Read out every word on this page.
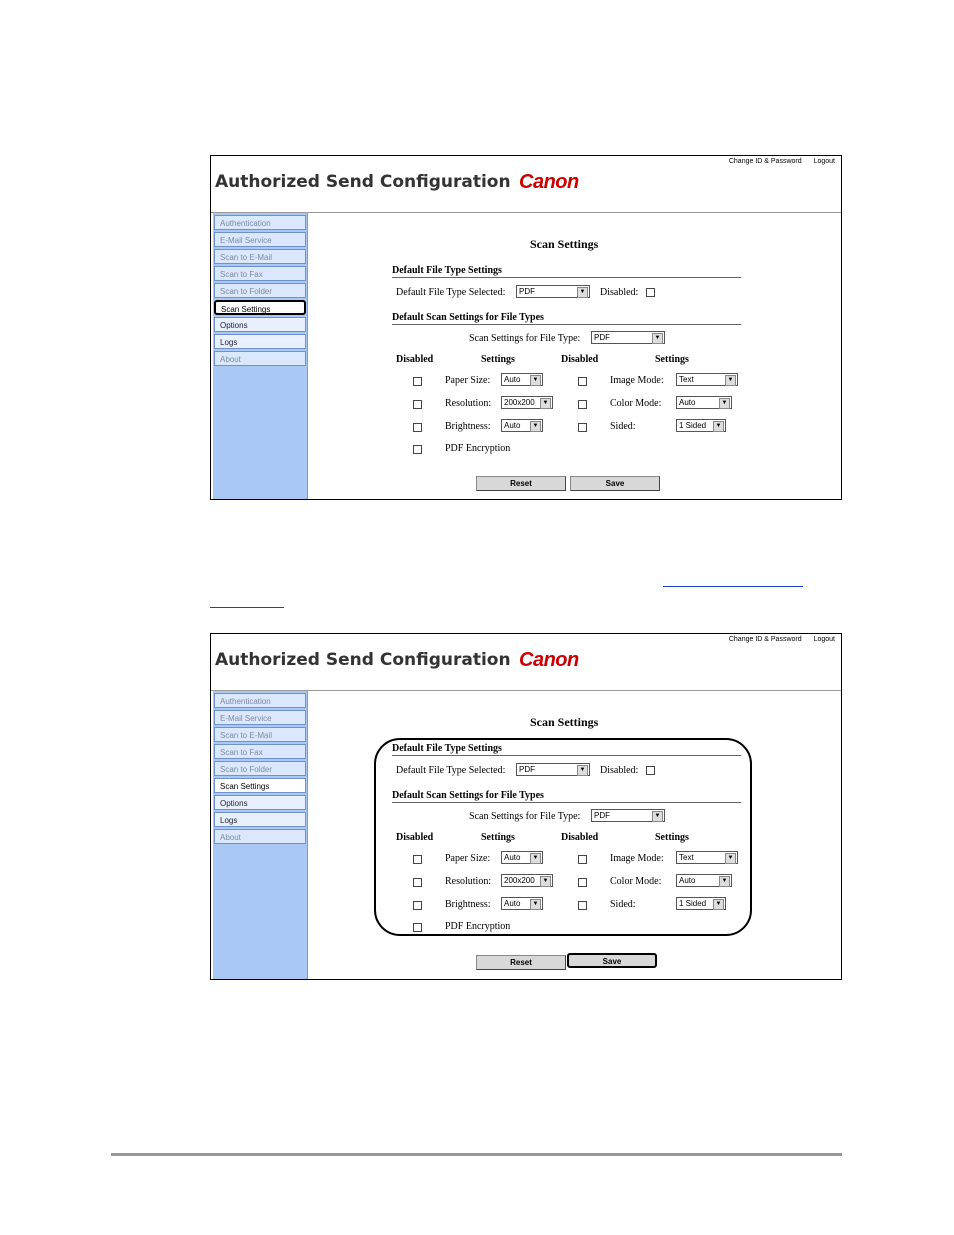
Change ID & Password Logout
Authorized Send Configuration Canon
Authentication
E-Mail Service
Scan to E-Mail
Scan to Fax
Scan to Folder
Scan Settings
Options
Logs
About
Scan Settings
Default File Type Settings
Default File Type Selected:	PDF	▼ Disabled:
Default Scan Settings for File Types
Scan Settings for File Type:	PDF	▼
Disabled	Settings	Disabled	Settings
Paper Size:	Auto	▼	Image Mode:	Text	▼
Resolution:	200x200	▼	Color Mode:	Auto	▼
Brightness:	Auto	▼	Sided:	1 Sided	▼
PDF Encryption
Reset	Save
Change ID & Password Logout
Authorized Send Configuration Canon
Authentication
E-Mail Service
Scan to E-Mail
Scan to Fax
Scan to Folder
Scan Settings
Options
Logs
About
Scan Settings
Default File Type Settings
Default File Type Selected:	PDF	▼ Disabled:
Default Scan Settings for File Types
Scan Settings for File Type:	PDF	▼
Disabled	Settings	Disabled	Settings
Paper Size:	Auto	▼	Image Mode:	Text	▼
Resolution:	200x200	▼	Color Mode:	Auto	▼
Brightness:	Auto	▼	Sided:	1 Sided	▼
PDF Encryption
Reset	Save
